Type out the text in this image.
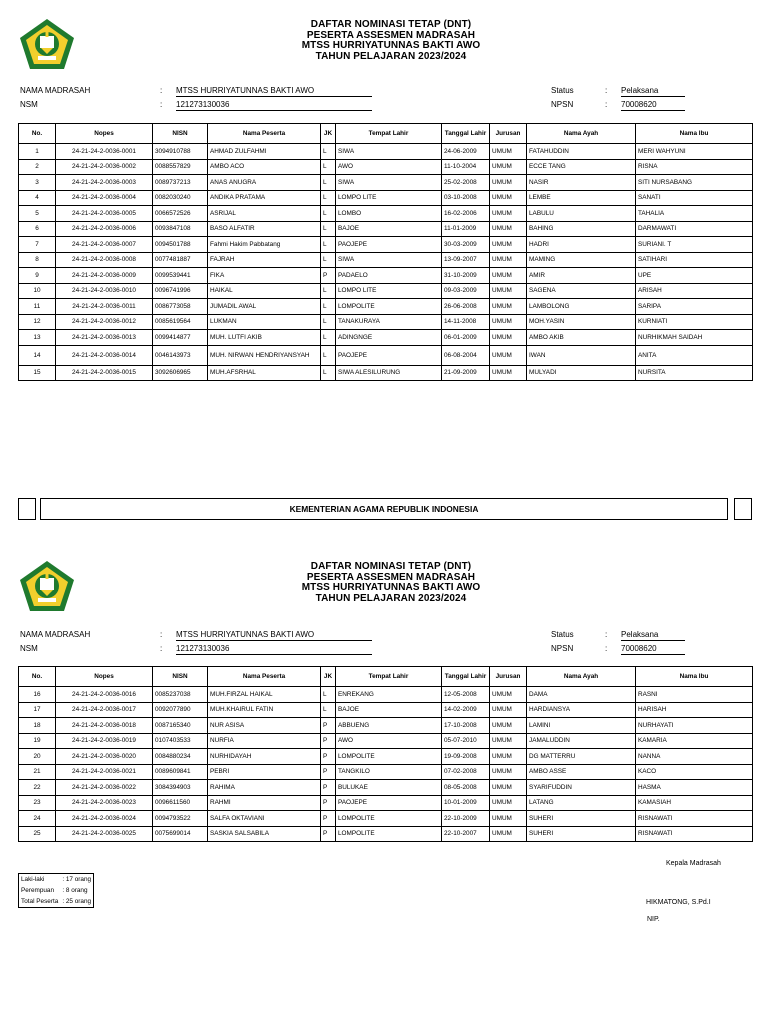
DAFTAR NOMINASI TETAP (DNT)
PESERTA ASSESMEN MADRASAH
MTSS HURRIYATUNNAS BAKTI AWO
TAHUN PELAJARAN 2023/2024
NAMA MADRASAH	: MTSS HURRIYATUNNAS BAKTI AWO	Status	: Pelaksana
NSM	: 121273130036	NPSN	: 70008620
No.	Nopes	NISN	Nama Peserta	JK	Tempat Lahir	Tanggal Lahir	Jurusan	Nama Ayah	Nama Ibu
1	24-21-24-2-0036-0001	3094910788	AHMAD ZULFAHMI	L	SIWA	24-06-2009	UMUM	FATAHUDDIN	MERI WAHYUNI
2	24-21-24-2-0036-0002	0088557829	AMBO ACO	L	AWO	11-10-2004	UMUM	ECCE TANG	RISNA
3	24-21-24-2-0036-0003	0089737213	ANAS ANUGRA	L	SIWA	25-02-2008	UMUM	NASIR	SITI NURSABANG
4	24-21-24-2-0036-0004	0082030240	ANDIKA PRATAMA	L	LOMPO LITE	03-10-2008	UMUM	LEMBE	SANATI
5	24-21-24-2-0036-0005	0066572526	ASRIJAL	L	LOMBO	16-02-2006	UMUM	LABULU	TAHALIA
6	24-21-24-2-0036-0006	0093847108	BASO ALFATIR	L	BAJOE	11-01-2009	UMUM	BAHING	DARMAWATI
7	24-21-24-2-0036-0007	0094501788	Fahmi Hakim Pabbatang	L	PAOJEPE	30-03-2009	UMUM	HADRI	SURIANI. T
8	24-21-24-2-0036-0008	0077481887	FAJRAH	L	SIWA	13-09-2007	UMUM	MAMING	SATIHARI
9	24-21-24-2-0036-0009	0099539441	FIKA	P	PADAELO	31-10-2009	UMUM	AMIR	UPE
10	24-21-24-2-0036-0010	0096741996	HAIKAL	L	LOMPO LITE	09-03-2009	UMUM	SAGENA	ARISAH
11	24-21-24-2-0036-0011	0086773058	JUMADIL AWAL	L	LOMPOLITE	26-06-2008	UMUM	LAMBOLONG	SARIPA
12	24-21-24-2-0036-0012	0085619564	LUKMAN	L	TANAKURAYA	14-11-2008	UMUM	MOH.YASIN	KURNIATI
13	24-21-24-2-0036-0013	0099414877	MUH. LUTFI AKIB	L	ADINGNGE	06-01-2009	UMUM	AMBO AKIB	NURHIKMAH SAIDAH
14	24-21-24-2-0036-0014	0046143973	MUH. NIRWAN HENDRIYANSYAH	L	PAOJEPE	06-08-2004	UMUM	IWAN	ANITA
15	24-21-24-2-0036-0015	3092606965	MUH.AFSRHAL	L	SIWA ALESILURUNG	21-09-2009	UMUM	MULYADI	NURSITA
KEMENTERIAN AGAMA REPUBLIK INDONESIA
DAFTAR NOMINASI TETAP (DNT)
PESERTA ASSESMEN MADRASAH
MTSS HURRIYATUNNAS BAKTI AWO
TAHUN PELAJARAN 2023/2024
NAMA MADRASAH	: MTSS HURRIYATUNNAS BAKTI AWO	Status	: Pelaksana
NSM	: 121273130036	NPSN	: 70008620
No.	Nopes	NISN	Nama Peserta	JK	Tempat Lahir	Tanggal Lahir	Jurusan	Nama Ayah	Nama Ibu
16	24-21-24-2-0036-0016	0085237038	MUH.FIRZAL HAIKAL	L	ENREKANG	12-05-2008	UMUM	DAMA	RASNI
17	24-21-24-2-0036-0017	0092077890	MUH.KHAIRUL FATIN	L	BAJOE	14-02-2009	UMUM	HARDIANSYA	HARISAH
18	24-21-24-2-0036-0018	0087165340	NUR ASISA	P	ABBUENG	17-10-2008	UMUM	LAMINI	NURHAYATI
19	24-21-24-2-0036-0019	0107403533	NURFIA	P	AWO	05-07-2010	UMUM	JAMALUDDIN	KAMARIA
20	24-21-24-2-0036-0020	0084880234	NURHIDAYAH	P	LOMPOLITE	19-09-2008	UMUM	DG MATTERRU	NANNA
21	24-21-24-2-0036-0021	0089609841	PEBRI	P	TANGKILO	07-02-2008	UMUM	AMBO ASSE	KACO
22	24-21-24-2-0036-0022	3084394903	RAHIMA	P	BULUKAE	08-05-2008	UMUM	SYARIFUDDIN	HASMA
23	24-21-24-2-0036-0023	0096611560	RAHMI	P	PAOJEPE	10-01-2009	UMUM	LATANG	KAMASIAH
24	24-21-24-2-0036-0024	0094793522	SALFA OKTAVIANI	P	LOMPOLITE	22-10-2009	UMUM	SUHERI	RISNAWATI
25	24-21-24-2-0036-0025	0075699014	SASKIA SALSABILA	P	LOMPOLITE	22-10-2007	UMUM	SUHERI	RISNAWATI
Kepala Madrasah
Laki-laki	: 17 orang
Perempuan	: 8 orang
Total Peserta	: 25 orang	HIKMATONG, S.Pd.I
NIP.
